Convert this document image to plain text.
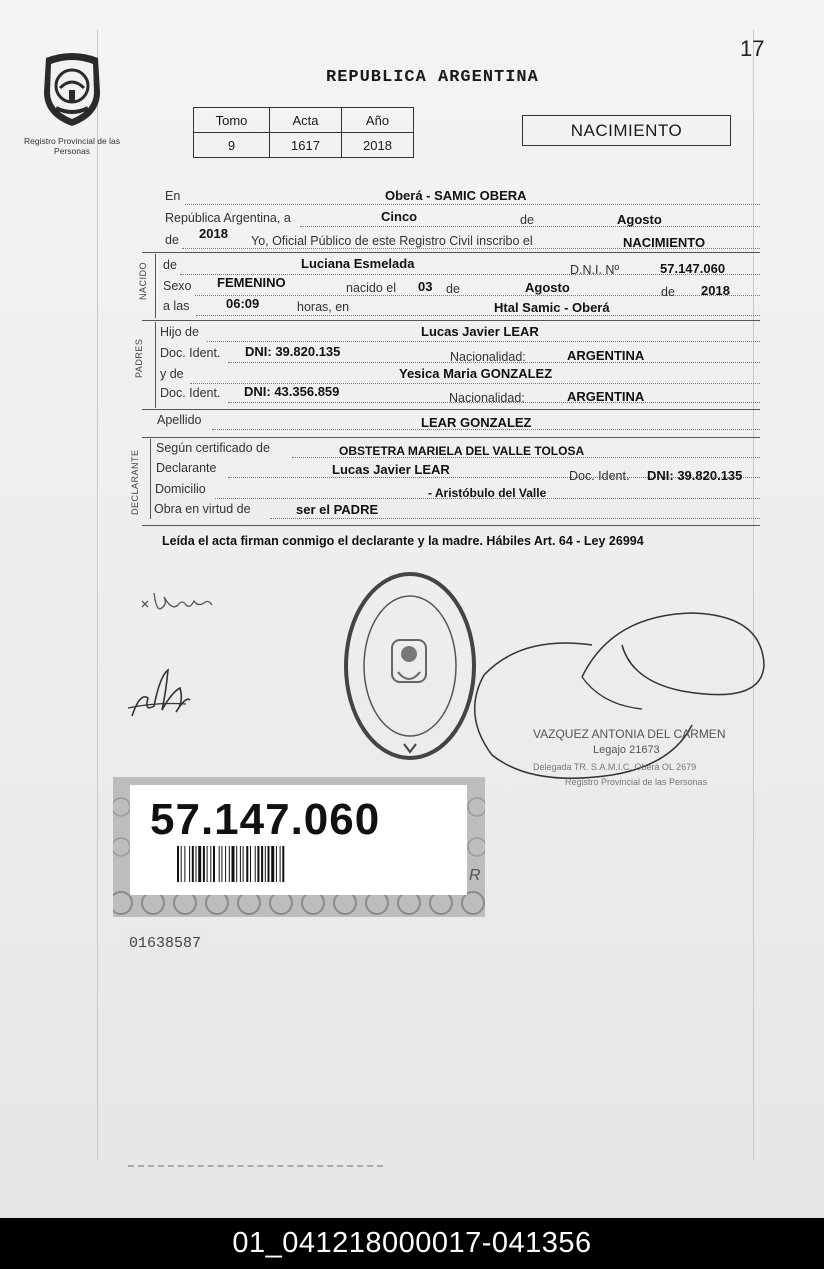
17
Registro Provincial de las Personas
REPUBLICA ARGENTINA
Tomo	Acta	Año
9	1617	2018
NACIMIENTO
En	Oberá - SAMIC OBERA
República Argentina, a	Cinco	de	Agosto
de 2018 Yo, Oficial Público de este Registro Civil inscribo el	NACIMIENTO
NACIDO de	Luciana Esmelada	D.N.I. Nº	57.147.060
Sexo FEMENINO	nacido el 03 de	Agosto	de 2018
a las	06:09	horas, en	Htal Samic - Oberá
PADRES
Hijo de	Lucas Javier LEAR
Doc. Ident. DNI: 39.820.135	Nacionalidad:	ARGENTINA
y de	Yesica Maria GONZALEZ
Doc. Ident. DNI: 43.356.859	Nacionalidad:	ARGENTINA
Apellido	LEAR GONZALEZ
DECLARANTE
Según certificado de	OBSTETRA MARIELA DEL VALLE TOLOSA
Declarante	Lucas Javier LEAR	Doc. Ident. DNI: 39.820.135
Domicilio	- Aristóbulo del Valle
Obra en virtud de	ser el PADRE
Leída el acta firman conmigo el declarante y la madre. Hábiles Art. 64 - Ley 26994
VAZQUEZ ANTONIA DEL CARMEN
Legajo 21673
Delegada TR. S.A.M.I.C. Oberá OL 2679
Registro Provincial de las Personas
R
57.147.060
01638587
01_041218000017-041356
